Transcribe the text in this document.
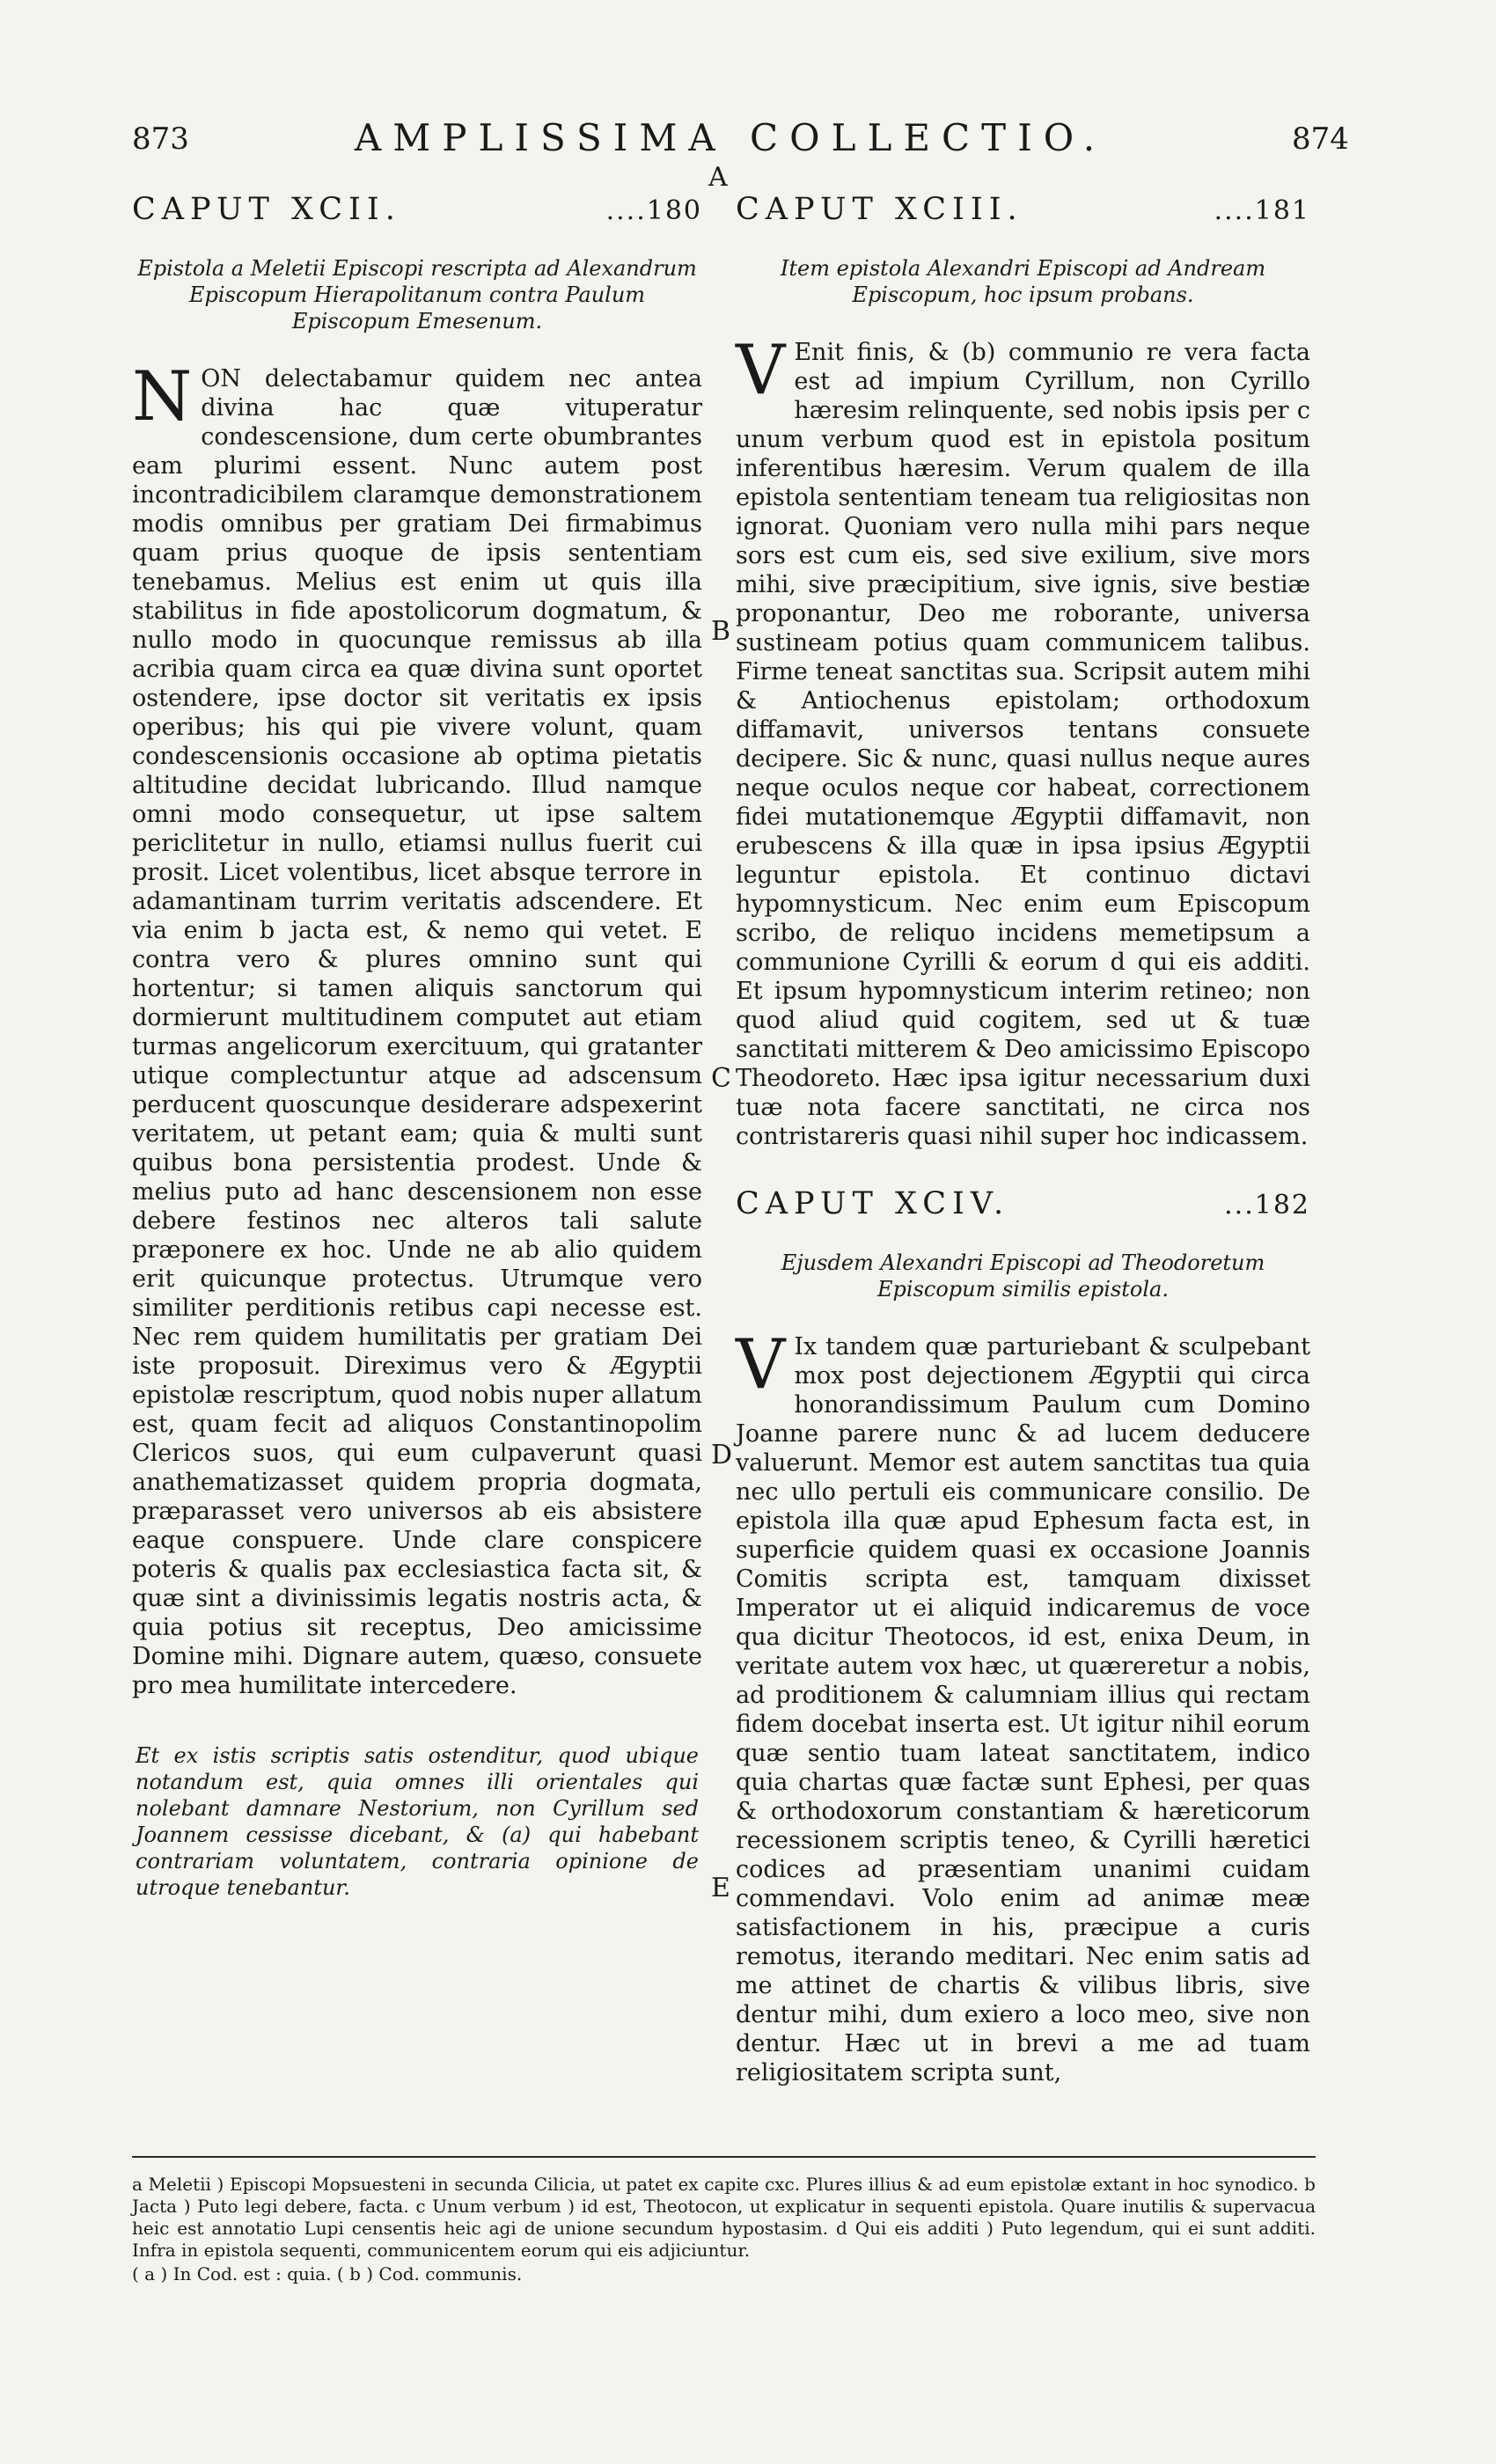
873	AMPLISSIMA COLLECTIO.	874
A
CAPUT XCII.	....180
Epistola a Meletii Episcopi rescripta ad Alexandrum Episcopum Hierapolitanum contra Paulum Episcopum Emesenum.

NON delectabamur quidem nec antea divina hac quæ vituperatur condescensione, dum certe obumbrantes eam plurimi essent. Nunc autem post incontradicibilem claramque demonstrationem modis omnibus per gratiam Dei firmabimus quam prius quoque de ipsis sententiam tenebamus. Melius est enim ut quis illa stabilitus in fide apostolicorum dogmatum, & nullo modo in quocunque remissus ab illa acribia quam circa ea quæ divina sunt oportet ostendere, ipse doctor sit veritatis ex ipsis operibus; his qui pie vivere volunt, quam condescensionis occasione ab optima pietatis altitudine decidat lubricando. Illud namque omni modo consequetur, ut ipse saltem periclitetur in nullo, etiamsi nullus fuerit cui prosit. Licet volentibus, licet absque terrore in adamantinam turrim veritatis adscendere. Et via enim b jacta est, & nemo qui vetet. E contra vero & plures omnino sunt qui hortentur; si tamen aliquis sanctorum qui dormierunt multitudinem computet aut etiam turmas angelicorum exercituum, qui gratanter utique complectuntur atque ad adscensum perducent quoscunque desiderare adspexerint veritatem, ut petant eam; quia & multi sunt quibus bona persistentia prodest. Unde & melius puto ad hanc descensionem non esse debere festinos nec alteros tali salute præponere ex hoc. Unde ne ab alio quidem erit quicunque protectus. Utrumque vero similiter perditionis retibus capi necesse est. Nec rem quidem humilitatis per gratiam Dei iste proposuit. Direximus vero & Ægyptii epistolæ rescriptum, quod nobis nuper allatum est, quam fecit ad aliquos Constantinopolim Clericos suos, qui eum culpaverunt quasi anathematizasset quidem propria dogmata, præparasset vero universos ab eis absistere eaque conspuere. Unde clare conspicere poteris & qualis pax ecclesiastica facta sit, & quæ sint a divinissimis legatis nostris acta, & quia potius sit receptus, Deo amicissime Domine mihi. Dignare autem, quæso, consuete pro mea humilitate intercedere.

Et ex istis scriptis satis ostenditur, quod ubique notandum est, quia omnes illi orientales qui nolebant damnare Nestorium, non Cyrillum sed Joannem cessisse dicebant, & (a) qui habebant contrariam voluntatem, contraria opinione de utroque tenebantur.

B
C
D
E
CAPUT XCIII.	....181
Item epistola Alexandri Episcopi ad Andream Episcopum, hoc ipsum probans.

V Enit finis, & (b) communio re vera facta est ad impium Cyrillum, non Cyrillo hæresim relinquente, sed nobis ipsis per c unum verbum quod est in epistola positum inferentibus hæresim. Verum qualem de illa epistola sententiam teneam tua religiositas non ignorat. Quoniam vero nulla mihi pars neque sors est cum eis, sed sive exilium, sive mors mihi, sive præcipitium, sive ignis, sive bestiæ proponantur, Deo me roborante, universa sustineam potius quam communicem talibus. Firme teneat sanctitas sua. Scripsit autem mihi & Antiochenus epistolam; orthodoxum diffamavit, universos tentans consuete decipere. Sic & nunc, quasi nullus neque aures neque oculos neque cor habeat, correctionem fidei mutationemque Ægyptii diffamavit, non erubescens & illa quæ in ipsa ipsius Ægyptii leguntur epistola. Et continuo dictavi hypomnysticum. Nec enim eum Episcopum scribo, de reliquo incidens memetipsum a communione Cyrilli & eorum d qui eis additi. Et ipsum hypomnysticum interim retineo; non quod aliud quid cogitem, sed ut & tuæ sanctitati mitterem & Deo amicissimo Episcopo Theodoreto. Hæc ipsa igitur necessarium duxi tuæ nota facere sanctitati, ne circa nos contristareris quasi nihil super hoc indicassem.

CAPUT XCIV.	...182
Ejusdem Alexandri Episcopi ad Theodoretum Episcopum similis epistola.

V Ix tandem quæ parturiebant & sculpebant mox post dejectionem Ægyptii qui circa honorandissimum Paulum cum Domino Joanne parere nunc & ad lucem deducere valuerunt. Memor est autem sanctitas tua quia nec ullo pertuli eis communicare consilio. De epistola illa quæ apud Ephesum facta est, in superficie quidem quasi ex occasione Joannis Comitis scripta est, tamquam dixisset Imperator ut ei aliquid indicaremus de voce qua dicitur Theotocos, id est, enixa Deum, in veritate autem vox hæc, ut quæreretur a nobis, ad proditionem & calumniam illius qui rectam fidem docebat inserta est. Ut igitur nihil eorum quæ sentio tuam lateat sanctitatem, indico quia chartas quæ factæ sunt Ephesi, per quas & orthodoxorum constantiam & hæreticorum recessionem scriptis teneo, & Cyrilli hæretici codices ad præsentiam unanimi cuidam commendavi. Volo enim ad animæ meæ satisfactionem in his, præcipue a curis remotus, iterando meditari. Nec enim satis ad me attinet de chartis & vilibus libris, sive dentur mihi, dum exiero a loco meo, sive non dentur. Hæc ut in brevi a me ad tuam religiositatem scripta sunt,

a Meletii ) Episcopi Mopsuesteni in secunda Cilicia, ut patet ex capite cxc. Plures illius & ad eum epistolæ extant in hoc synodico. b Jacta ) Puto legi debere, facta. c Unum verbum ) id est, Theotocon, ut explicatur in sequenti epistola. Quare inutilis & supervacua heic est annotatio Lupi censentis heic agi de unione secundum hypostasim. d Qui eis additi ) Puto legendum, qui ei sunt additi. Infra in epistola sequenti, communicentem eorum qui eis adjiciuntur.

( a ) In Cod. est : quia. ( b ) Cod. communis.
